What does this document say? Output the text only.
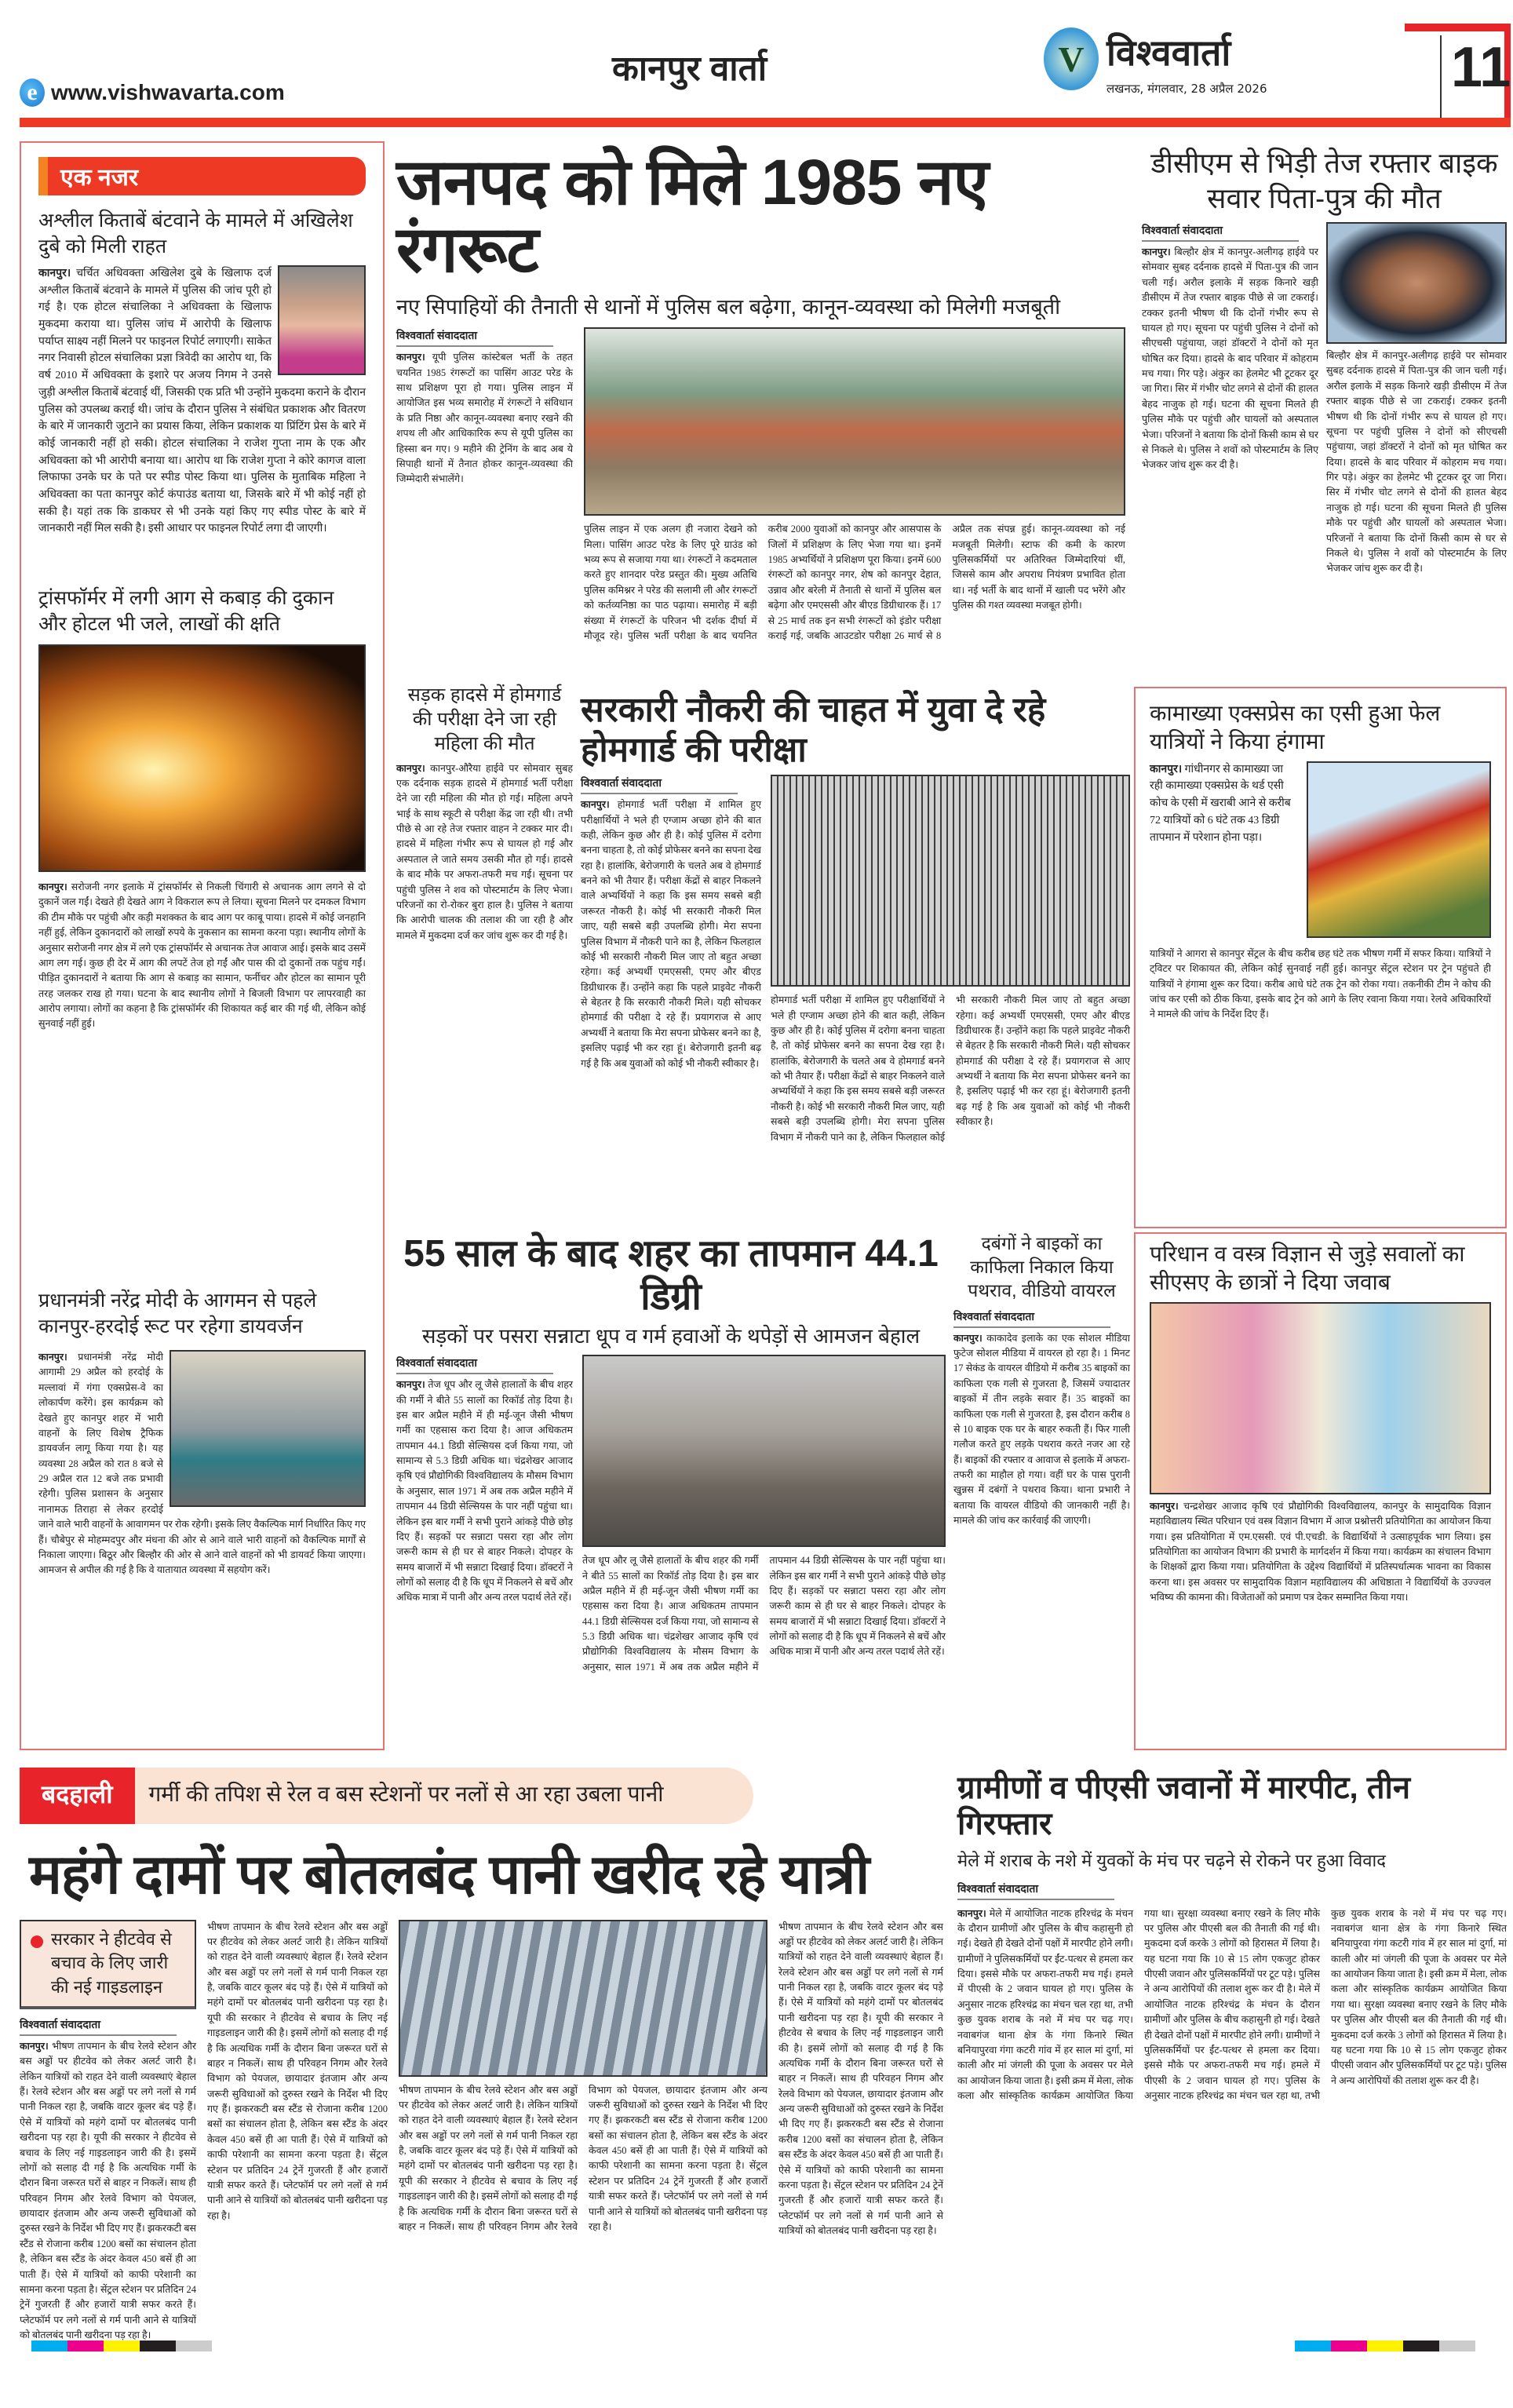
e www.vishwavarta.com
कानपुर वार्ता	V विश्ववार्ता
लखनऊ, मंगलवार, 28 अप्रैल 2026	11
एक नजर
अश्लील किताबें बंटवाने के मामले में अखिलेश दुबे को मिली राहत
कानपुर। चर्चित अधिवक्ता अखिलेश दुबे के खिलाफ दर्ज अश्लील किताबें बंटवाने के मामले में पुलिस की जांच पूरी हो गई है। एक होटल संचालिका ने अधिवक्ता के खिलाफ मुकदमा कराया था। पुलिस जांच में आरोपी के खिलाफ पर्याप्त साक्ष्य नहीं मिलने पर फाइनल रिपोर्ट लगाएगी। साकेत नगर निवासी होटल संचालिका प्रज्ञा त्रिवेदी का आरोप था, कि वर्ष 2010 में अधिवक्ता के इशारे पर अजय निगम ने उनसे जुड़ी अश्लील किताबें बंटवाई थीं, जिसकी एक प्रति भी उन्होंने मुकदमा कराने के दौरान पुलिस को उपलब्ध कराई थी। जांच के दौरान पुलिस ने संबंधित प्रकाशक और वितरण के बारे में जानकारी जुटाने का प्रयास किया, लेकिन प्रकाशक या प्रिंटिंग प्रेस के बारे में कोई जानकारी नहीं हो सकी। होटल संचालिका ने राजेश गुप्ता नाम के एक और अधिवक्ता को भी आरोपी बनाया था। आरोप था कि राजेश गुप्ता ने कोरे कागज वाला लिफाफा उनके घर के पते पर स्पीड पोस्ट किया था। पुलिस के मुताबिक महिला ने अधिवक्ता का पता कानपुर कोर्ट कंपाउंड बताया था, जिसके बारे में भी कोई नहीं हो सकी है। यहां तक कि डाकघर से भी उनके यहां किए गए स्पीड पोस्ट के बारे में जानकारी नहीं मिल सकी है। इसी आधार पर फाइनल रिपोर्ट लगा दी जाएगी।
ट्रांसफॉर्मर में लगी आग से कबाड़ की दुकान और होटल भी जले, लाखों की क्षति
कानपुर। सरोजनी नगर इलाके में ट्रांसफॉर्मर से निकली चिंगारी से अचानक आग लगने से दो दुकानें जल गईं। देखते ही देखते आग ने विकराल रूप ले लिया। सूचना मिलने पर दमकल विभाग की टीम मौके पर पहुंची और कड़ी मशक्कत के बाद आग पर काबू पाया। हादसे में कोई जनहानि नहीं हुई, लेकिन दुकानदारों को लाखों रुपये के नुकसान का सामना करना पड़ा। स्थानीय लोगों के अनुसार सरोजनी नगर क्षेत्र में लगे एक ट्रांसफॉर्मर से अचानक तेज आवाज आई। इसके बाद उसमें आग लग गई। कुछ ही देर में आग की लपटें तेज हो गईं और पास की दो दुकानों तक पहुंच गईं। पीड़ित दुकानदारों ने बताया कि आग से कबाड़ का सामान, फर्नीचर और होटल का सामान पूरी तरह जलकर राख हो गया। घटना के बाद स्थानीय लोगों ने बिजली विभाग पर लापरवाही का आरोप लगाया। लोगों का कहना है कि ट्रांसफॉर्मर की शिकायत कई बार की गई थी, लेकिन कोई सुनवाई नहीं हुई।
प्रधानमंत्री नरेंद्र मोदी के आगमन से पहले कानपुर-हरदोई रूट पर रहेगा डायवर्जन
कानपुर। प्रधानमंत्री नरेंद्र मोदी आगामी 29 अप्रैल को हरदोई के मल्लावां में गंगा एक्सप्रेस-वे का लोकार्पण करेंगे। इस कार्यक्रम को देखते हुए कानपुर शहर में भारी वाहनों के लिए विशेष ट्रैफिक डायवर्जन लागू किया गया है। यह व्यवस्था 28 अप्रैल को रात 8 बजे से 29 अप्रैल रात 12 बजे तक प्रभावी रहेगी। पुलिस प्रशासन के अनुसार नानामऊ तिराहा से लेकर हरदोई जाने वाले भारी वाहनों के आवागमन पर रोक रहेगी। इसके लिए वैकल्पिक मार्ग निर्धारित किए गए हैं। चौबेपुर से मोहम्मदपुर और मंधना की ओर से आने वाले भारी वाहनों को वैकल्पिक मार्गों से निकाला जाएगा। बिठूर और बिल्हौर की ओर से आने वाले वाहनों को भी डायवर्ट किया जाएगा। आमजन से अपील की गई है कि वे यातायात व्यवस्था में सहयोग करें।
जनपद को मिले 1985 नए रंगरूट
नए सिपाहियों की तैनाती से थानों में पुलिस बल बढ़ेगा, कानून-व्यवस्था को मिलेगी मजबूती
विश्ववार्ता संवाददाता
कानपुर। यूपी पुलिस कांस्टेबल भर्ती के तहत चयनित 1985 रंगरूटों का पासिंग आउट परेड के साथ प्रशिक्षण पूरा हो गया। पुलिस लाइन में आयोजित इस भव्य समारोह में रंगरूटों ने संविधान के प्रति निष्ठा और कानून-व्यवस्था बनाए रखने की शपथ ली और आधिकारिक रूप से यूपी पुलिस का हिस्सा बन गए। 9 महीने की ट्रेनिंग के बाद अब ये सिपाही थानों में तैनात होकर कानून-व्यवस्था की जिम्मेदारी संभालेंगे।
पुलिस लाइन में एक अलग ही नजारा देखने को मिला। पासिंग आउट परेड के लिए पूरे ग्राउंड को भव्य रूप से सजाया गया था। रंगरूटों ने कदमताल करते हुए शानदार परेड प्रस्तुत की। मुख्य अतिथि पुलिस कमिश्नर ने परेड की सलामी ली और रंगरूटों को कर्तव्यनिष्ठा का पाठ पढ़ाया। समारोह में बड़ी संख्या में रंगरूटों के परिजन भी दर्शक दीर्घा में मौजूद रहे। पुलिस भर्ती परीक्षा के बाद चयनित करीब 2000 युवाओं को कानपुर और आसपास के जिलों में प्रशिक्षण के लिए भेजा गया था। इनमें 1985 अभ्यर्थियों ने प्रशिक्षण पूरा किया। इनमें 600 रंगरूटों को कानपुर नगर, शेष को कानपुर देहात, उन्नाव और बरेली में तैनाती से थानों में पुलिस बल बढ़ेगा और एमएससी और बीएड डिग्रीधारक हैं। 17 से 25 मार्च तक इन सभी रंगरूटों को इंडोर परीक्षा कराई गई, जबकि आउटडोर परीक्षा 26 मार्च से 8 अप्रैल तक संपन्न हुई। कानून-व्यवस्था को नई मजबूती मिलेगी। स्टाफ की कमी के कारण पुलिसकर्मियों पर अतिरिक्त जिम्मेदारियां थीं, जिससे काम और अपराध नियंत्रण प्रभावित होता था। नई भर्ती के बाद थानों में खाली पद भरेंगे और पुलिस की गश्त व्यवस्था मजबूत होगी।
सड़क हादसे में होमगार्ड की परीक्षा देने जा रही महिला की मौत
कानपुर। कानपुर-औरैया हाईवे पर सोमवार सुबह एक दर्दनाक सड़क हादसे में होमगार्ड भर्ती परीक्षा देने जा रही महिला की मौत हो गई। महिला अपने भाई के साथ स्कूटी से परीक्षा केंद्र जा रही थी। तभी पीछे से आ रहे तेज रफ्तार वाहन ने टक्कर मार दी। हादसे में महिला गंभीर रूप से घायल हो गई और अस्पताल ले जाते समय उसकी मौत हो गई। हादसे के बाद मौके पर अफरा-तफरी मच गई। सूचना पर पहुंची पुलिस ने शव को पोस्टमार्टम के लिए भेजा। परिजनों का रो-रोकर बुरा हाल है। पुलिस ने बताया कि आरोपी चालक की तलाश की जा रही है और मामले में मुकदमा दर्ज कर जांच शुरू कर दी गई है।
सरकारी नौकरी की चाहत में युवा दे रहे होमगार्ड की परीक्षा
विश्ववार्ता संवाददाता
कानपुर। होमगार्ड भर्ती परीक्षा में शामिल हुए परीक्षार्थियों ने भले ही एग्जाम अच्छा होने की बात कही, लेकिन कुछ और ही है। कोई पुलिस में दरोगा बनना चाहता है, तो कोई प्रोफेसर बनने का सपना देख रहा है। हालांकि, बेरोजगारी के चलते अब वे होमगार्ड बनने को भी तैयार हैं। परीक्षा केंद्रों से बाहर निकलने वाले अभ्यर्थियों ने कहा कि इस समय सबसे बड़ी जरूरत नौकरी है। कोई भी सरकारी नौकरी मिल जाए, यही सबसे बड़ी उपलब्धि होगी। मेरा सपना पुलिस विभाग में नौकरी पाने का है, लेकिन फिलहाल कोई भी सरकारी नौकरी मिल जाए तो बहुत अच्छा रहेगा। कई अभ्यर्थी एमएससी, एमए और बीएड डिग्रीधारक हैं। उन्होंने कहा कि पहले प्राइवेट नौकरी से बेहतर है कि सरकारी नौकरी मिले। यही सोचकर होमगार्ड की परीक्षा दे रहे हैं। प्रयागराज से आए अभ्यर्थी ने बताया कि मेरा सपना प्रोफेसर बनने का है, इसलिए पढ़ाई भी कर रहा हूं। बेरोजगारी इतनी बढ़ गई है कि अब युवाओं को कोई भी नौकरी स्वीकार है।
होमगार्ड भर्ती परीक्षा में शामिल हुए परीक्षार्थियों ने भले ही एग्जाम अच्छा होने की बात कही, लेकिन कुछ और ही है। कोई पुलिस में दरोगा बनना चाहता है, तो कोई प्रोफेसर बनने का सपना देख रहा है। हालांकि, बेरोजगारी के चलते अब वे होमगार्ड बनने को भी तैयार हैं। परीक्षा केंद्रों से बाहर निकलने वाले अभ्यर्थियों ने कहा कि इस समय सबसे बड़ी जरूरत नौकरी है। कोई भी सरकारी नौकरी मिल जाए, यही सबसे बड़ी उपलब्धि होगी। मेरा सपना पुलिस विभाग में नौकरी पाने का है, लेकिन फिलहाल कोई भी सरकारी नौकरी मिल जाए तो बहुत अच्छा रहेगा। कई अभ्यर्थी एमएससी, एमए और बीएड डिग्रीधारक हैं। उन्होंने कहा कि पहले प्राइवेट नौकरी से बेहतर है कि सरकारी नौकरी मिले। यही सोचकर होमगार्ड की परीक्षा दे रहे हैं। प्रयागराज से आए अभ्यर्थी ने बताया कि मेरा सपना प्रोफेसर बनने का है, इसलिए पढ़ाई भी कर रहा हूं। बेरोजगारी इतनी बढ़ गई है कि अब युवाओं को कोई भी नौकरी स्वीकार है।
55 साल के बाद शहर का तापमान 44.1 डिग्री
सड़कों पर पसरा सन्नाटा धूप व गर्म हवाओं के थपेड़ों से आमजन बेहाल
विश्ववार्ता संवाददाता
कानपुर। तेज धूप और लू जैसे हालातों के बीच शहर की गर्मी ने बीते 55 सालों का रिकॉर्ड तोड़ दिया है। इस बार अप्रैल महीने में ही मई-जून जैसी भीषण गर्मी का एहसास करा दिया है। आज अधिकतम तापमान 44.1 डिग्री सेल्सियस दर्ज किया गया, जो सामान्य से 5.3 डिग्री अधिक था। चंद्रशेखर आजाद कृषि एवं प्रौद्योगिकी विश्वविद्यालय के मौसम विभाग के अनुसार, साल 1971 में अब तक अप्रैल महीने में तापमान 44 डिग्री सेल्सियस के पार नहीं पहुंचा था। लेकिन इस बार गर्मी ने सभी पुराने आंकड़े पीछे छोड़ दिए हैं। सड़कों पर सन्नाटा पसरा रहा और लोग जरूरी काम से ही घर से बाहर निकले। दोपहर के समय बाजारों में भी सन्नाटा दिखाई दिया। डॉक्टरों ने लोगों को सलाह दी है कि धूप में निकलने से बचें और अधिक मात्रा में पानी और अन्य तरल पदार्थ लेते रहें।
तेज धूप और लू जैसे हालातों के बीच शहर की गर्मी ने बीते 55 सालों का रिकॉर्ड तोड़ दिया है। इस बार अप्रैल महीने में ही मई-जून जैसी भीषण गर्मी का एहसास करा दिया है। आज अधिकतम तापमान 44.1 डिग्री सेल्सियस दर्ज किया गया, जो सामान्य से 5.3 डिग्री अधिक था। चंद्रशेखर आजाद कृषि एवं प्रौद्योगिकी विश्वविद्यालय के मौसम विभाग के अनुसार, साल 1971 में अब तक अप्रैल महीने में तापमान 44 डिग्री सेल्सियस के पार नहीं पहुंचा था। लेकिन इस बार गर्मी ने सभी पुराने आंकड़े पीछे छोड़ दिए हैं। सड़कों पर सन्नाटा पसरा रहा और लोग जरूरी काम से ही घर से बाहर निकले। दोपहर के समय बाजारों में भी सन्नाटा दिखाई दिया। डॉक्टरों ने लोगों को सलाह दी है कि धूप में निकलने से बचें और अधिक मात्रा में पानी और अन्य तरल पदार्थ लेते रहें।
दबंगों ने बाइकों का काफिला निकाल किया पथराव, वीडियो वायरल
विश्ववार्ता संवाददाता
कानपुर। काकादेव इलाके का एक सोशल मीडिया फुटेज सोशल मीडिया में वायरल हो रहा है। 1 मिनट 17 सेकंड के वायरल वीडियो में करीब 35 बाइकों का काफिला एक गली से गुजरता है, जिसमें ज्यादातर बाइकों में तीन लड़के सवार हैं। 35 बाइकों का काफिला एक गली से गुजरता है, इस दौरान करीब 8 से 10 बाइक एक घर के बाहर रुकती हैं। फिर गाली गलौज करते हुए लड़के पथराव करते नजर आ रहे हैं। बाइकों की रफ्तार व आवाज से इलाके में अफरा-तफरी का माहौल हो गया। वहीं घर के पास पुरानी खुन्नस में दबंगों ने पथराव किया। थाना प्रभारी ने बताया कि वायरल वीडियो की जानकारी नहीं है। मामले की जांच कर कार्रवाई की जाएगी।
डीसीएम से भिड़ी तेज रफ्तार बाइक सवार पिता-पुत्र की मौत
विश्ववार्ता संवाददाता
कानपुर। बिल्हौर क्षेत्र में कानपुर-अलीगढ़ हाईवे पर सोमवार सुबह दर्दनाक हादसे में पिता-पुत्र की जान चली गई। अरौल इलाके में सड़क किनारे खड़ी डीसीएम में तेज रफ्तार बाइक पीछे से जा टकराई। टक्कर इतनी भीषण थी कि दोनों गंभीर रूप से घायल हो गए। सूचना पर पहुंची पुलिस ने दोनों को सीएचसी पहुंचाया, जहां डॉक्टरों ने दोनों को मृत घोषित कर दिया। हादसे के बाद परिवार में कोहराम मच गया। गिर पड़े। अंकुर का हेलमेट भी टूटकर दूर जा गिरा। सिर में गंभीर चोट लगने से दोनों की हालत बेहद नाजुक हो गई। घटना की सूचना मिलते ही पुलिस मौके पर पहुंची और घायलों को अस्पताल भेजा। परिजनों ने बताया कि दोनों किसी काम से घर से निकले थे। पुलिस ने शवों को पोस्टमार्टम के लिए भेजकर जांच शुरू कर दी है।
बिल्हौर क्षेत्र में कानपुर-अलीगढ़ हाईवे पर सोमवार सुबह दर्दनाक हादसे में पिता-पुत्र की जान चली गई। अरौल इलाके में सड़क किनारे खड़ी डीसीएम में तेज रफ्तार बाइक पीछे से जा टकराई। टक्कर इतनी भीषण थी कि दोनों गंभीर रूप से घायल हो गए। सूचना पर पहुंची पुलिस ने दोनों को सीएचसी पहुंचाया, जहां डॉक्टरों ने दोनों को मृत घोषित कर दिया। हादसे के बाद परिवार में कोहराम मच गया। गिर पड़े। अंकुर का हेलमेट भी टूटकर दूर जा गिरा। सिर में गंभीर चोट लगने से दोनों की हालत बेहद नाजुक हो गई। घटना की सूचना मिलते ही पुलिस मौके पर पहुंची और घायलों को अस्पताल भेजा। परिजनों ने बताया कि दोनों किसी काम से घर से निकले थे। पुलिस ने शवों को पोस्टमार्टम के लिए भेजकर जांच शुरू कर दी है।
कामाख्या एक्सप्रेस का एसी हुआ फेल यात्रियों ने किया हंगामा
कानपुर। गांधीनगर से कामाख्या जा रही कामाख्या एक्सप्रेस के थर्ड एसी कोच के एसी में खराबी आने से करीब 72 यात्रियों को 6 घंटे तक 43 डिग्री तापमान में परेशान होना पड़ा।
यात्रियों ने आगरा से कानपुर सेंट्रल के बीच करीब छह घंटे तक भीषण गर्मी में सफर किया। यात्रियों ने ट्विटर पर शिकायत की, लेकिन कोई सुनवाई नहीं हुई। कानपुर सेंट्रल स्टेशन पर ट्रेन पहुंचते ही यात्रियों ने हंगामा शुरू कर दिया। करीब आधे घंटे तक ट्रेन को रोका गया। तकनीकी टीम ने कोच की जांच कर एसी को ठीक किया, इसके बाद ट्रेन को आगे के लिए रवाना किया गया। रेलवे अधिकारियों ने मामले की जांच के निर्देश दिए हैं।
परिधान व वस्त्र विज्ञान से जुड़े सवालों का सीएसए के छात्रों ने दिया जवाब
कानपुर। चन्द्रशेखर आजाद कृषि एवं प्रौद्योगिकी विश्वविद्यालय, कानपुर के सामुदायिक विज्ञान महाविद्यालय स्थित परिधान एवं वस्त्र विज्ञान विभाग में आज प्रश्नोत्तरी प्रतियोगिता का आयोजन किया गया। इस प्रतियोगिता में एम.एससी. एवं पी.एचडी. के विद्यार्थियों ने उत्साहपूर्वक भाग लिया। इस प्रतियोगिता का आयोजन विभाग की प्रभारी के मार्गदर्शन में किया गया। कार्यक्रम का संचालन विभाग के शिक्षकों द्वारा किया गया। प्रतियोगिता के उद्देश्य विद्यार्थियों में प्रतिस्पर्धात्मक भावना का विकास करना था। इस अवसर पर सामुदायिक विज्ञान महाविद्यालय की अधिष्ठाता ने विद्यार्थियों के उज्ज्वल भविष्य की कामना की। विजेताओं को प्रमाण पत्र देकर सम्मानित किया गया।
बदहाली	गर्मी की तपिश से रेल व बस स्टेशनों पर नलों से आ रहा उबला पानी
महंगे दामों पर बोतलबंद पानी खरीद रहे यात्री
सरकार ने हीटवेव से बचाव के लिए जारी की नई गाइडलाइन
विश्ववार्ता संवाददाता
कानपुर। भीषण तापमान के बीच रेलवे स्टेशन और बस अड्डों पर हीटवेव को लेकर अलर्ट जारी है। लेकिन यात्रियों को राहत देने वाली व्यवस्थाएं बेहाल हैं। रेलवे स्टेशन और बस अड्डों पर लगे नलों से गर्म पानी निकल रहा है, जबकि वाटर कूलर बंद पड़े हैं। ऐसे में यात्रियों को महंगे दामों पर बोतलबंद पानी खरीदना पड़ रहा है। यूपी की सरकार ने हीटवेव से बचाव के लिए नई गाइडलाइन जारी की है। इसमें लोगों को सलाह दी गई है कि अत्यधिक गर्मी के दौरान बिना जरूरत घरों से बाहर न निकलें। साथ ही परिवहन निगम और रेलवे विभाग को पेयजल, छायादार इंतजाम और अन्य जरूरी सुविधाओं को दुरुस्त रखने के निर्देश भी दिए गए हैं। झकरकटी बस स्टैंड से रोजाना करीब 1200 बसों का संचालन होता है, लेकिन बस स्टैंड के अंदर केवल 450 बसें ही आ पाती हैं। ऐसे में यात्रियों को काफी परेशानी का सामना करना पड़ता है। सेंट्रल स्टेशन पर प्रतिदिन 24 ट्रेनें गुजरती हैं और हजारों यात्री सफर करते हैं। प्लेटफॉर्म पर लगे नलों से गर्म पानी आने से यात्रियों को बोतलबंद पानी खरीदना पड़ रहा है।
भीषण तापमान के बीच रेलवे स्टेशन और बस अड्डों पर हीटवेव को लेकर अलर्ट जारी है। लेकिन यात्रियों को राहत देने वाली व्यवस्थाएं बेहाल हैं। रेलवे स्टेशन और बस अड्डों पर लगे नलों से गर्म पानी निकल रहा है, जबकि वाटर कूलर बंद पड़े हैं। ऐसे में यात्रियों को महंगे दामों पर बोतलबंद पानी खरीदना पड़ रहा है। यूपी की सरकार ने हीटवेव से बचाव के लिए नई गाइडलाइन जारी की है। इसमें लोगों को सलाह दी गई है कि अत्यधिक गर्मी के दौरान बिना जरूरत घरों से बाहर न निकलें। साथ ही परिवहन निगम और रेलवे विभाग को पेयजल, छायादार इंतजाम और अन्य जरूरी सुविधाओं को दुरुस्त रखने के निर्देश भी दिए गए हैं। झकरकटी बस स्टैंड से रोजाना करीब 1200 बसों का संचालन होता है, लेकिन बस स्टैंड के अंदर केवल 450 बसें ही आ पाती हैं। ऐसे में यात्रियों को काफी परेशानी का सामना करना पड़ता है। सेंट्रल स्टेशन पर प्रतिदिन 24 ट्रेनें गुजरती हैं और हजारों यात्री सफर करते हैं। प्लेटफॉर्म पर लगे नलों से गर्म पानी आने से यात्रियों को बोतलबंद पानी खरीदना पड़ रहा है।
भीषण तापमान के बीच रेलवे स्टेशन और बस अड्डों पर हीटवेव को लेकर अलर्ट जारी है। लेकिन यात्रियों को राहत देने वाली व्यवस्थाएं बेहाल हैं। रेलवे स्टेशन और बस अड्डों पर लगे नलों से गर्म पानी निकल रहा है, जबकि वाटर कूलर बंद पड़े हैं। ऐसे में यात्रियों को महंगे दामों पर बोतलबंद पानी खरीदना पड़ रहा है। यूपी की सरकार ने हीटवेव से बचाव के लिए नई गाइडलाइन जारी की है। इसमें लोगों को सलाह दी गई है कि अत्यधिक गर्मी के दौरान बिना जरूरत घरों से बाहर न निकलें। साथ ही परिवहन निगम और रेलवे विभाग को पेयजल, छायादार इंतजाम और अन्य जरूरी सुविधाओं को दुरुस्त रखने के निर्देश भी दिए गए हैं। झकरकटी बस स्टैंड से रोजाना करीब 1200 बसों का संचालन होता है, लेकिन बस स्टैंड के अंदर केवल 450 बसें ही आ पाती हैं। ऐसे में यात्रियों को काफी परेशानी का सामना करना पड़ता है। सेंट्रल स्टेशन पर प्रतिदिन 24 ट्रेनें गुजरती हैं और हजारों यात्री सफर करते हैं। प्लेटफॉर्म पर लगे नलों से गर्म पानी आने से यात्रियों को बोतलबंद पानी खरीदना पड़ रहा है।
भीषण तापमान के बीच रेलवे स्टेशन और बस अड्डों पर हीटवेव को लेकर अलर्ट जारी है। लेकिन यात्रियों को राहत देने वाली व्यवस्थाएं बेहाल हैं। रेलवे स्टेशन और बस अड्डों पर लगे नलों से गर्म पानी निकल रहा है, जबकि वाटर कूलर बंद पड़े हैं। ऐसे में यात्रियों को महंगे दामों पर बोतलबंद पानी खरीदना पड़ रहा है। यूपी की सरकार ने हीटवेव से बचाव के लिए नई गाइडलाइन जारी की है। इसमें लोगों को सलाह दी गई है कि अत्यधिक गर्मी के दौरान बिना जरूरत घरों से बाहर न निकलें। साथ ही परिवहन निगम और रेलवे विभाग को पेयजल, छायादार इंतजाम और अन्य जरूरी सुविधाओं को दुरुस्त रखने के निर्देश भी दिए गए हैं। झकरकटी बस स्टैंड से रोजाना करीब 1200 बसों का संचालन होता है, लेकिन बस स्टैंड के अंदर केवल 450 बसें ही आ पाती हैं। ऐसे में यात्रियों को काफी परेशानी का सामना करना पड़ता है। सेंट्रल स्टेशन पर प्रतिदिन 24 ट्रेनें गुजरती हैं और हजारों यात्री सफर करते हैं। प्लेटफॉर्म पर लगे नलों से गर्म पानी आने से यात्रियों को बोतलबंद पानी खरीदना पड़ रहा है।
ग्रामीणों व पीएसी जवानों में मारपीट, तीन गिरफ्तार
मेले में शराब के नशे में युवकों के मंच पर चढ़ने से रोकने पर हुआ विवाद
विश्ववार्ता संवाददाता
कानपुर। मेले में आयोजित नाटक हरिश्चंद्र के मंचन के दौरान ग्रामीणों और पुलिस के बीच कहासुनी हो गई। देखते ही देखते दोनों पक्षों में मारपीट होने लगी। ग्रामीणों ने पुलिसकर्मियों पर ईंट-पत्थर से हमला कर दिया। इससे मौके पर अफरा-तफरी मच गई। हमले में पीएसी के 2 जवान घायल हो गए। पुलिस के अनुसार नाटक हरिश्चंद्र का मंचन चल रहा था, तभी कुछ युवक शराब के नशे में मंच पर चढ़ गए। नवाबगंज थाना क्षेत्र के गंगा किनारे स्थित बनियापुरवा गंगा कटरी गांव में हर साल मां दुर्गा, मां काली और मां जंगली की पूजा के अवसर पर मेले का आयोजन किया जाता है। इसी क्रम में मेला, लोक कला और सांस्कृतिक कार्यक्रम आयोजित किया गया था। सुरक्षा व्यवस्था बनाए रखने के लिए मौके पर पुलिस और पीएसी बल की तैनाती की गई थी। मुकदमा दर्ज करके 3 लोगों को हिरासत में लिया है। यह घटना गया कि 10 से 15 लोग एकजुट होकर पीएसी जवान और पुलिसकर्मियों पर टूट पड़े। पुलिस ने अन्य आरोपियों की तलाश शुरू कर दी है। मेले में आयोजित नाटक हरिश्चंद्र के मंचन के दौरान ग्रामीणों और पुलिस के बीच कहासुनी हो गई। देखते ही देखते दोनों पक्षों में मारपीट होने लगी। ग्रामीणों ने पुलिसकर्मियों पर ईंट-पत्थर से हमला कर दिया। इससे मौके पर अफरा-तफरी मच गई। हमले में पीएसी के 2 जवान घायल हो गए। पुलिस के अनुसार नाटक हरिश्चंद्र का मंचन चल रहा था, तभी कुछ युवक शराब के नशे में मंच पर चढ़ गए। नवाबगंज थाना क्षेत्र के गंगा किनारे स्थित बनियापुरवा गंगा कटरी गांव में हर साल मां दुर्गा, मां काली और मां जंगली की पूजा के अवसर पर मेले का आयोजन किया जाता है। इसी क्रम में मेला, लोक कला और सांस्कृतिक कार्यक्रम आयोजित किया गया था। सुरक्षा व्यवस्था बनाए रखने के लिए मौके पर पुलिस और पीएसी बल की तैनाती की गई थी। मुकदमा दर्ज करके 3 लोगों को हिरासत में लिया है। यह घटना गया कि 10 से 15 लोग एकजुट होकर पीएसी जवान और पुलिसकर्मियों पर टूट पड़े। पुलिस ने अन्य आरोपियों की तलाश शुरू कर दी है।
